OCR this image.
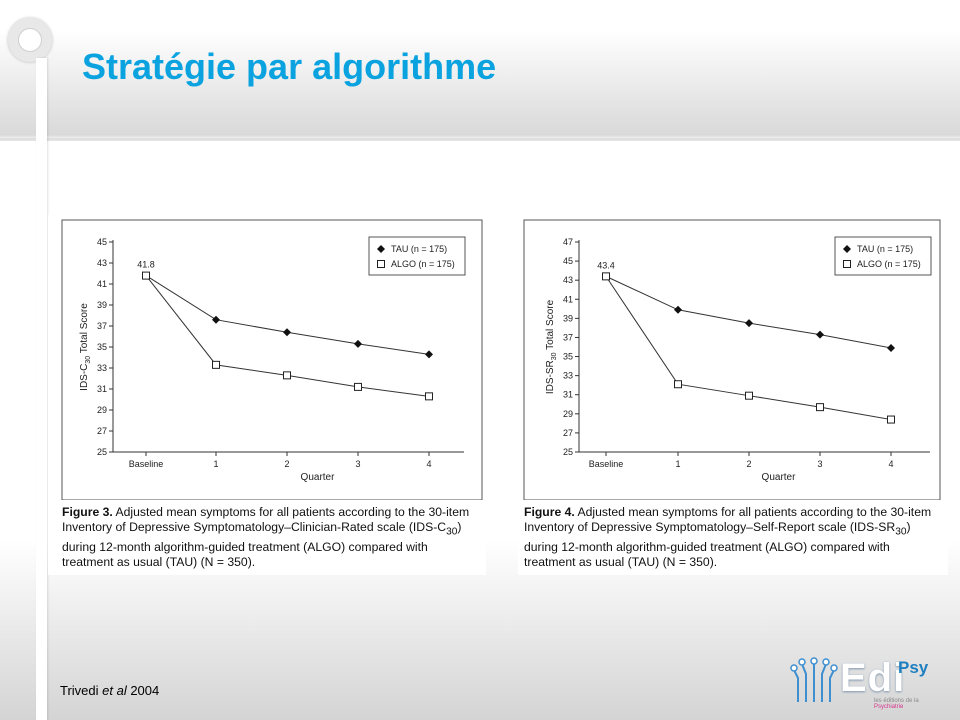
Stratégie par algorithme
25
27
29
31
33
35
37
39
41
43
45
Baseline	1	2	3	4
Quarter
IDS-$C_{30}$ Total Score
41.8
TAU (n = 175)
ALGO (n = 175)
Figure 3. Adjusted mean symptoms for all patients according to the 30-item Inventory of Depressive Symptomatology–Clinician-Rated scale $(IDS-C_{30})$ during 12-month algorithm-guided treatment (ALGO) compared with treatment as usual (TAU) (N = 350).
25
27
29
31
33
35
37
39
41
43
45
47
Baseline	1	2	3	4
Quarter
IDS-$SR_{30}$ Total Score
43.4
TAU (n = 175)
ALGO (n = 175)
Figure 4. Adjusted mean symptoms for all patients according to the 30-item Inventory of Depressive Symptomatology–Self-Report scale $(IDS-SR_{30})$ during 12-month algorithm-guided treatment (ALGO) compared with treatment as usual (TAU) (N = 350).

Trivedi et al 2004	Edi
Psy
les éditions de la Psychiatrie
